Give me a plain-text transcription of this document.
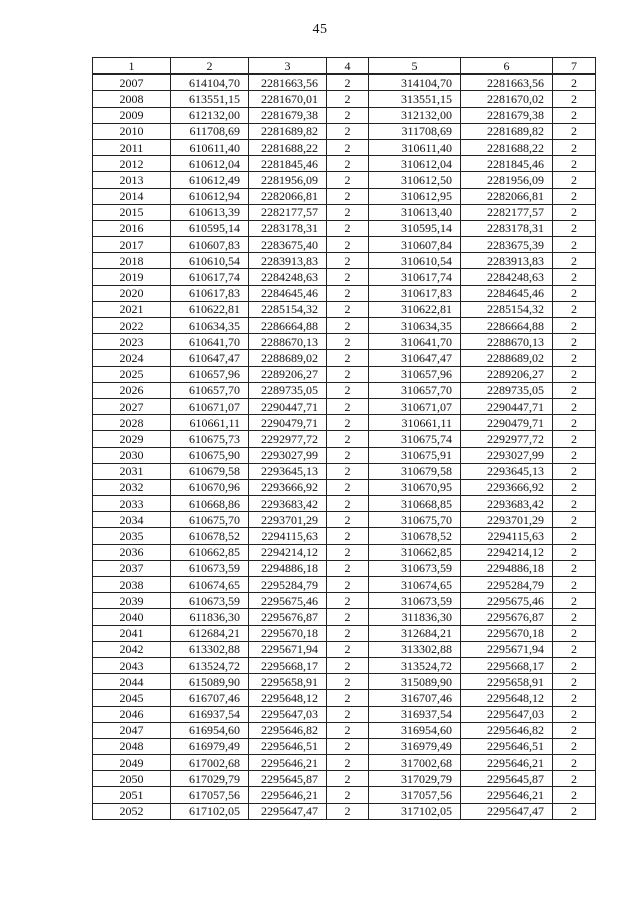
45
1	2	3	4	5	6	7
2007	614104,70	2281663,56	2	314104,70	2281663,56	2
2008	613551,15	2281670,01	2	313551,15	2281670,02	2
2009	612132,00	2281679,38	2	312132,00	2281679,38	2
2010	611708,69	2281689,82	2	311708,69	2281689,82	2
2011	610611,40	2281688,22	2	310611,40	2281688,22	2
2012	610612,04	2281845,46	2	310612,04	2281845,46	2
2013	610612,49	2281956,09	2	310612,50	2281956,09	2
2014	610612,94	2282066,81	2	310612,95	2282066,81	2
2015	610613,39	2282177,57	2	310613,40	2282177,57	2
2016	610595,14	2283178,31	2	310595,14	2283178,31	2
2017	610607,83	2283675,40	2	310607,84	2283675,39	2
2018	610610,54	2283913,83	2	310610,54	2283913,83	2
2019	610617,74	2284248,63	2	310617,74	2284248,63	2
2020	610617,83	2284645,46	2	310617,83	2284645,46	2
2021	610622,81	2285154,32	2	310622,81	2285154,32	2
2022	610634,35	2286664,88	2	310634,35	2286664,88	2
2023	610641,70	2288670,13	2	310641,70	2288670,13	2
2024	610647,47	2288689,02	2	310647,47	2288689,02	2
2025	610657,96	2289206,27	2	310657,96	2289206,27	2
2026	610657,70	2289735,05	2	310657,70	2289735,05	2
2027	610671,07	2290447,71	2	310671,07	2290447,71	2
2028	610661,11	2290479,71	2	310661,11	2290479,71	2
2029	610675,73	2292977,72	2	310675,74	2292977,72	2
2030	610675,90	2293027,99	2	310675,91	2293027,99	2
2031	610679,58	2293645,13	2	310679,58	2293645,13	2
2032	610670,96	2293666,92	2	310670,95	2293666,92	2
2033	610668,86	2293683,42	2	310668,85	2293683,42	2
2034	610675,70	2293701,29	2	310675,70	2293701,29	2
2035	610678,52	2294115,63	2	310678,52	2294115,63	2
2036	610662,85	2294214,12	2	310662,85	2294214,12	2
2037	610673,59	2294886,18	2	310673,59	2294886,18	2
2038	610674,65	2295284,79	2	310674,65	2295284,79	2
2039	610673,59	2295675,46	2	310673,59	2295675,46	2
2040	611836,30	2295676,87	2	311836,30	2295676,87	2
2041	612684,21	2295670,18	2	312684,21	2295670,18	2
2042	613302,88	2295671,94	2	313302,88	2295671,94	2
2043	613524,72	2295668,17	2	313524,72	2295668,17	2
2044	615089,90	2295658,91	2	315089,90	2295658,91	2
2045	616707,46	2295648,12	2	316707,46	2295648,12	2
2046	616937,54	2295647,03	2	316937,54	2295647,03	2
2047	616954,60	2295646,82	2	316954,60	2295646,82	2
2048	616979,49	2295646,51	2	316979,49	2295646,51	2
2049	617002,68	2295646,21	2	317002,68	2295646,21	2
2050	617029,79	2295645,87	2	317029,79	2295645,87	2
2051	617057,56	2295646,21	2	317057,56	2295646,21	2
2052	617102,05	2295647,47	2	317102,05	2295647,47	2
